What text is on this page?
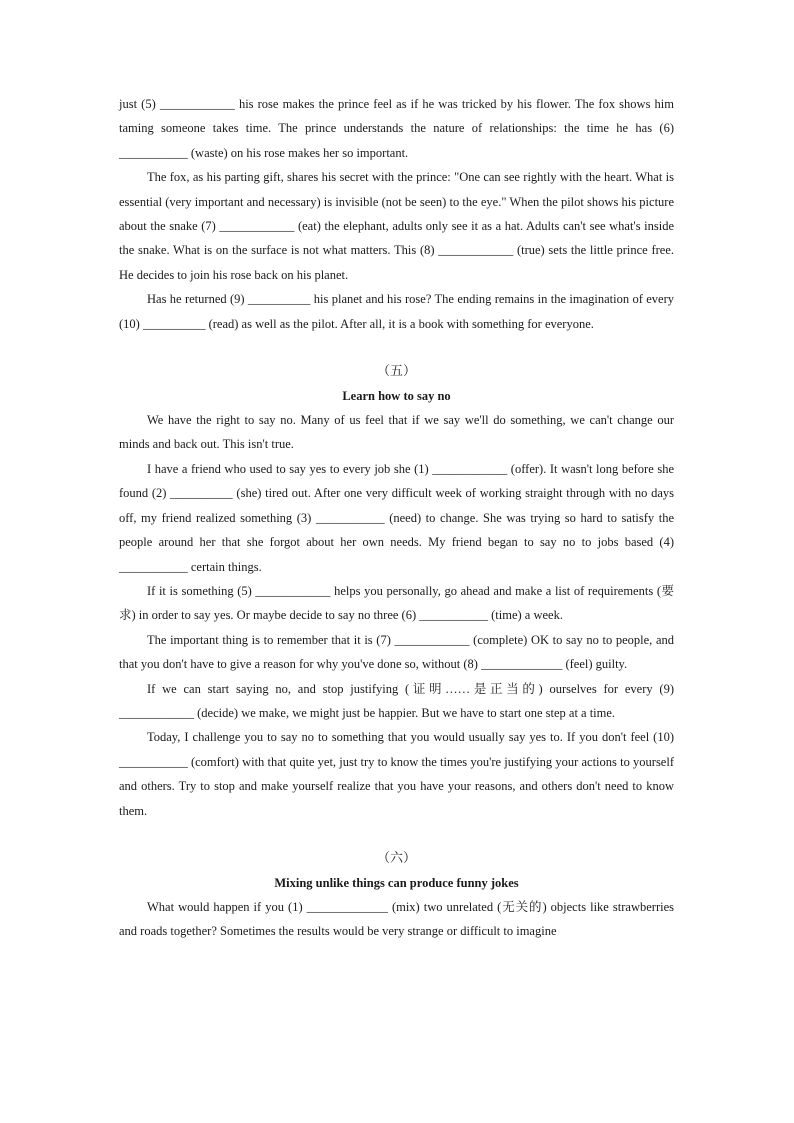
just (5) ____________ his rose makes the prince feel as if he was tricked by his flower. The fox shows him taming someone takes time. The prince understands the nature of relationships: the time he has (6) ___________ (waste) on his rose makes her so important.

The fox, as his parting gift, shares his secret with the prince: "One can see rightly with the heart. What is essential (very important and necessary) is invisible (not be seen) to the eye." When the pilot shows his picture about the snake (7) ____________ (eat) the elephant, adults only see it as a hat. Adults can't see what's inside the snake. What is on the surface is not what matters. This (8) ____________ (true) sets the little prince free. He decides to join his rose back on his planet.

Has he returned (9) __________ his planet and his rose? The ending remains in the imagination of every (10) __________ (read) as well as the pilot. After all, it is a book with something for everyone.

（五）

Learn how to say no

We have the right to say no. Many of us feel that if we say we'll do something, we can't change our minds and back out. This isn't true.

I have a friend who used to say yes to every job she (1) ____________ (offer). It wasn't long before she found (2) __________ (she) tired out. After one very difficult week of working straight through with no days off, my friend realized something (3) ___________ (need) to change. She was trying so hard to satisfy the people around her that she forgot about her own needs. My friend began to say no to jobs based (4) ___________ certain things.

If it is something (5) ____________ helps you personally, go ahead and make a list of requirements (要求) in order to say yes. Or maybe decide to say no three (6) ___________ (time) a week.

The important thing is to remember that it is (7) ____________ (complete) OK to say no to people, and that you don't have to give a reason for why you've done so, without (8) _____________ (feel) guilty.

If we can start saying no, and stop justifying (证明……是正当的) ourselves for every (9) ____________ (decide) we make, we might just be happier. But we have to start one step at a time.

Today, I challenge you to say no to something that you would usually say yes to. If you don't feel (10) ___________ (comfort) with that quite yet, just try to know the times you're justifying your actions to yourself and others. Try to stop and make yourself realize that you have your reasons, and others don't need to know them.

（六）

Mixing unlike things can produce funny jokes

What would happen if you (1) _____________ (mix) two unrelated (无关的) objects like strawberries and roads together? Sometimes the results would be very strange or difficult to imagine
